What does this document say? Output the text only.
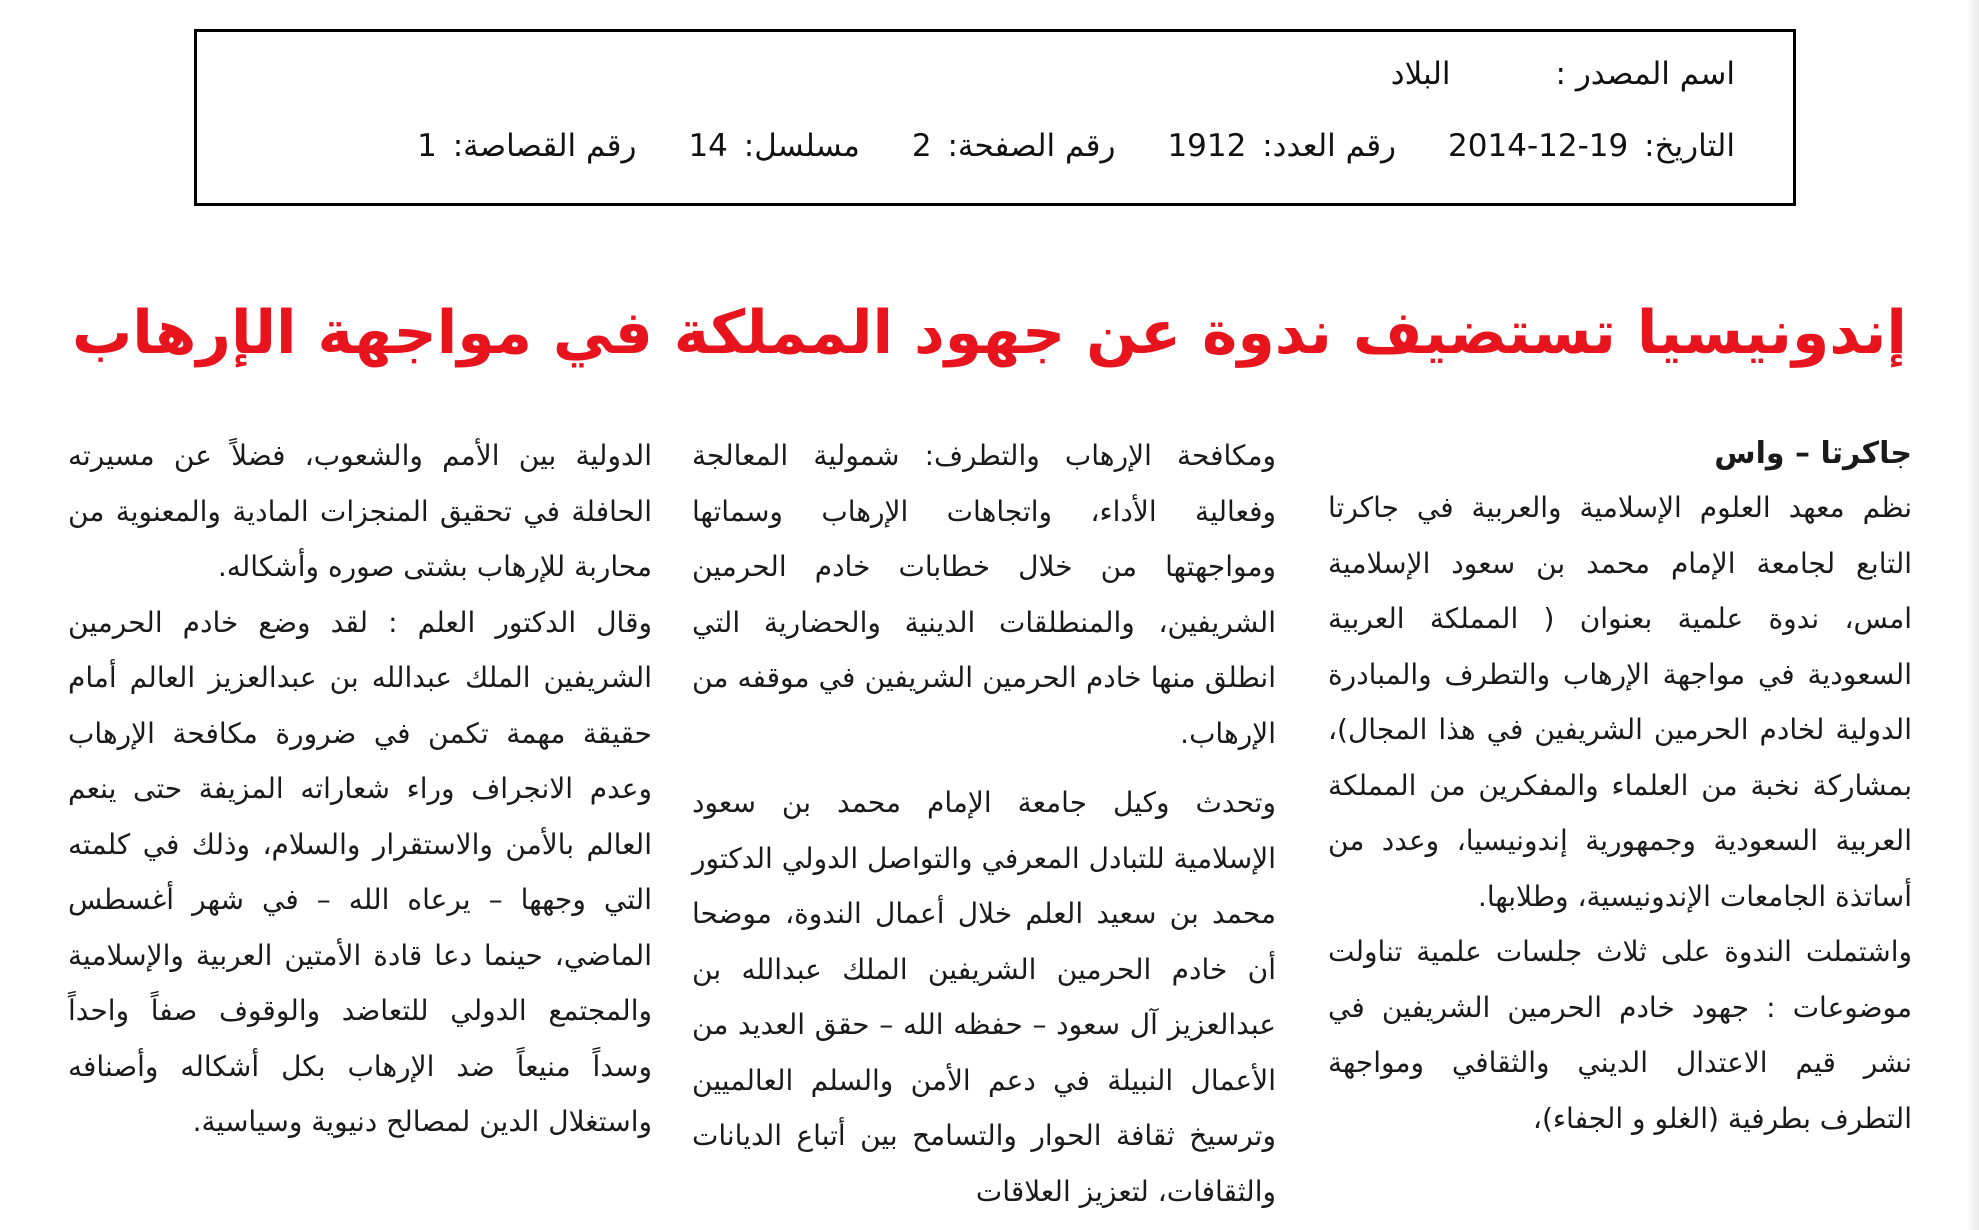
اسم المصدر :البلاد
التاريخ: 19-12-2014رقم العدد: 1912رقم الصفحة: 2مسلسل: 14رقم القصاصة: 1
إندونيسيا تستضيف ندوة عن جهود المملكة في مواجهة الإرهاب
جاكرتا – واس

نظم معهد العلوم الإسلامية والعربية في جاكرتا التابع لجامعة الإمام محمد بن سعود الإسلامية امس، ندوة علمية بعنوان ( المملكة العربية السعودية في مواجهة الإرهاب والتطرف والمبادرة الدولية لخادم الحرمين الشريفين في هذا المجال)، بمشاركة نخبة من العلماء والمفكرين من المملكة العربية السعودية وجمهورية إندونيسيا، وعدد من أساتذة الجامعات الإندونيسية، وطلابها.

واشتملت الندوة على ثلاث جلسات علمية تناولت موضوعات : جهود خادم الحرمين الشريفين في نشر قيم الاعتدال الديني والثقافي ومواجهة التطرف بطرفية (الغلو و الجفاء)،

ومكافحة الإرهاب والتطرف: شمولية المعالجة وفعالية الأداء، واتجاهات الإرهاب وسماتها ومواجهتها من خلال خطابات خادم الحرمين الشريفين، والمنطلقات الدينية والحضارية التي انطلق منها خادم الحرمين الشريفين في موقفه من الإرهاب.

وتحدث وكيل جامعة الإمام محمد بن سعود الإسلامية للتبادل المعرفي والتواصل الدولي الدكتور محمد بن سعيد العلم خلال أعمال الندوة، موضحا أن خادم الحرمين الشريفين الملك عبدالله بن عبدالعزيز آل سعود – حفظه الله – حقق العديد من الأعمال النبيلة في دعم الأمن والسلم العالميين وترسيخ ثقافة الحوار والتسامح بين أتباع الديانات والثقافات، لتعزيز العلاقات

الدولية بين الأمم والشعوب، فضلاً عن مسيرته الحافلة في تحقيق المنجزات المادية والمعنوية من محاربة للإرهاب بشتى صوره وأشكاله.

وقال الدكتور العلم : لقد وضع خادم الحرمين الشريفين الملك عبدالله بن عبدالعزيز العالم أمام حقيقة مهمة تكمن في ضرورة مكافحة الإرهاب وعدم الانجراف وراء شعاراته المزيفة حتى ينعم العالم بالأمن والاستقرار والسلام، وذلك في كلمته التي وجهها – يرعاه الله – في شهر أغسطس الماضي، حينما دعا قادة الأمتين العربية والإسلامية والمجتمع الدولي للتعاضد والوقوف صفاً واحداً وسداً منيعاً ضد الإرهاب بكل أشكاله وأصنافه واستغلال الدين لمصالح دنيوية وسياسية.
